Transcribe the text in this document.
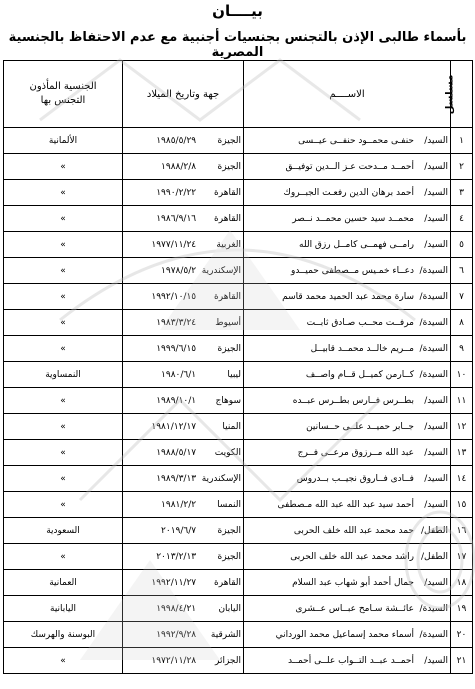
بيــــان
بأسماء طالبى الإذن بالتجنس بجنسيات أجنبية مع عدم الاحتفاظ بالجنسية المصرية
مسلسل	الاســــم	جهة وتاريخ الميلاد	الجنسية المأذون
التجنس بها

١	السيد/حنفـى محمــود حنفــى عيــسى	الجيزة ١٩٨٥/٥/٢٩	الألمانية
٢	السيد/أحمــد مــدحت عـز الــدين توفيــق	الجيزة ١٩٨٨/٢/٨	»
٣	السيد/أحمد برهان الدين رفعـت الجبــروك	القاهرة ١٩٩٠/٢/٢٢	»
٤	السيد/محمــد سيد حسين محمــد نــصر	القاهرة ١٩٨٦/٩/١٦	»
٥	السيد/رامــى فهمــى كامــل رزق الله	الغربية ١٩٧٧/١١/٢٤	»
٦	السيدة/دعــاء خمـيس مــصطفى حميــدو	الإسكندرية ١٩٧٨/٥/٢	»
٧	السيدة/سارة محمد عبد الحميد محمد قاسم	القاهرة ١٩٩٢/١٠/١٥	»
٨	السيدة/مرفــت محــب صـادق ثابــت	أسيوط ١٩٨٣/٣/٢٤	»
٩	السيدة/مــريم خالــد محمــد قابيــل	الجيزة ١٩٩٩/٦/١٥	»
١٠	السيدة/كــارمن كميــل قــام واصــف	ليبيا ١٩٨٠/٦/١	النمساوية
١١	السيد/بطــرس فــارس بطــرس عبــده	سوهاج ١٩٨٩/١٠/١	»
١٢	السيد/جــابر حميــد علــى حــسانين	المنيا ١٩٨١/١٢/١٧	»
١٣	السيد/عبد الله مــرزوق مرعــى فــرج	الكويت ١٩٨٨/٥/١٧	»
١٤	السيد/فــادى فــاروق نجيــب بــدروس	الإسكندرية ١٩٨٩/٣/١٣	»
١٥	السيد/أحمد سيد عبد الله عبد الله مـصطفى	النمسا ١٩٨١/٢/٢	»
١٦	الطفل/حمد محمد عبد الله خلف الحربى	الجيزة ٢٠١٩/٦/٧	السعودية
١٧	الطفل/راشد محمد عبد الله خلف الحربى	الجيزة ٢٠١٣/٢/١٣	»
١٨	السيد/جمال أحمد أبو شهاب عبد السلام	القاهرة ١٩٩٢/١١/٢٧	العمانية
١٩	السيدة/عائــشة سـامح عبــاس عــشرى	اليابان ١٩٩٨/٤/٢١	اليابانية
٢٠	السيدة/أسماء محمد إسماعيل محمد الورداني	الشرقية ١٩٩٢/٩/٢٨	البوسنة والهرسك
٢١	السيد/أحمــد عبــد التــواب علــى أحمــد	الجزائر ١٩٧٢/١١/٢٨	»
